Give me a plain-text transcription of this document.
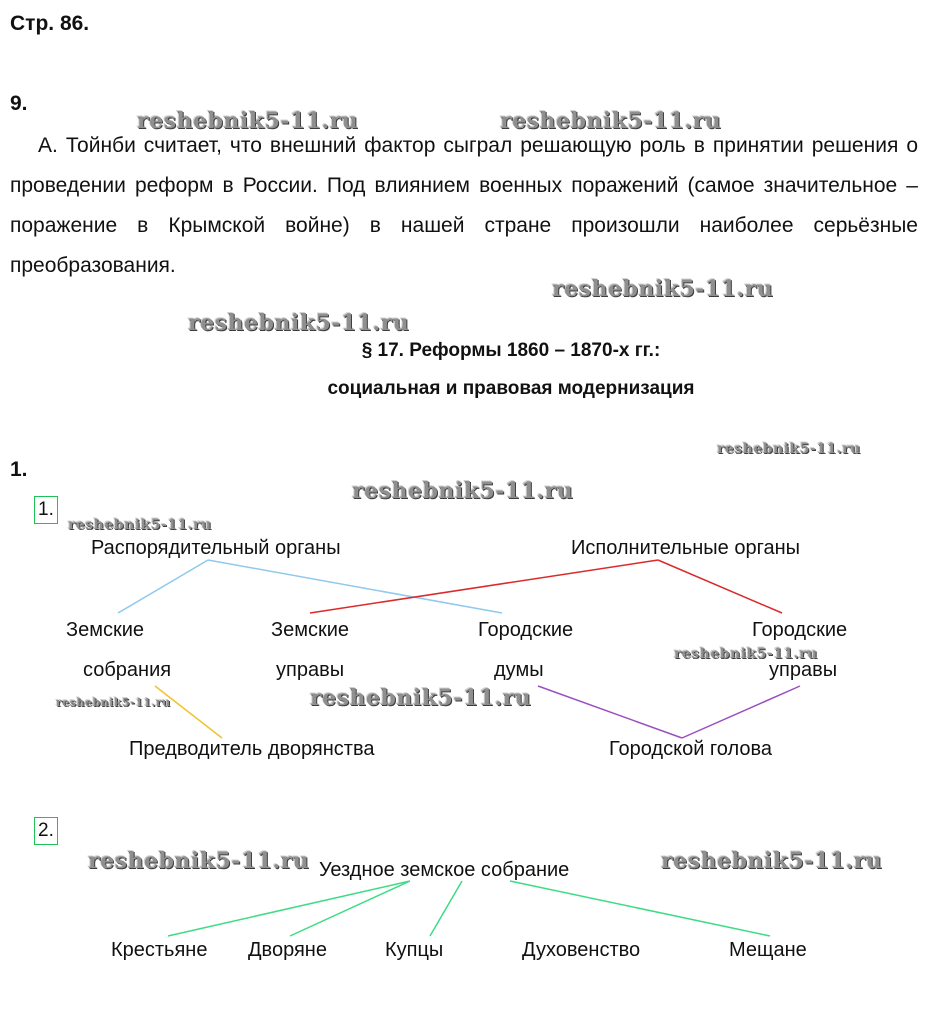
Стр. 86.
9.

А. Тойнби считает, что внешний фактор сыграл решающую роль в принятии решения о проведении реформ в России. Под влиянием военных поражений (самое значительное – поражение в Крымской войне) в нашей стране произошли наиболее серьёзные преобразования.

§ 17. Реформы 1860 – 1870-х гг.:
социальная и правовая модернизация
1.
1.
Распорядительный органы	Исполнительные органы
Земские
собрания
Земские
управы
Городские
думы
Городские
управы
Предводитель дворянства	Городской голова
2.
Уездное земское собрание
Крестьяне Дворяне	Купцы	Духовенство	Мещане
reshebnik5-11.ru	reshebnik5-11.ru
reshebnik5-11.ru
reshebnik5-11.ru
reshebnik5-11.ru
reshebnik5-11.ru
reshebnik5-11.ru
reshebnik5-11.ru
reshebnik5-11.ru
reshebnik5-11.ru
reshebnik5-11.ru	reshebnik5-11.ru
